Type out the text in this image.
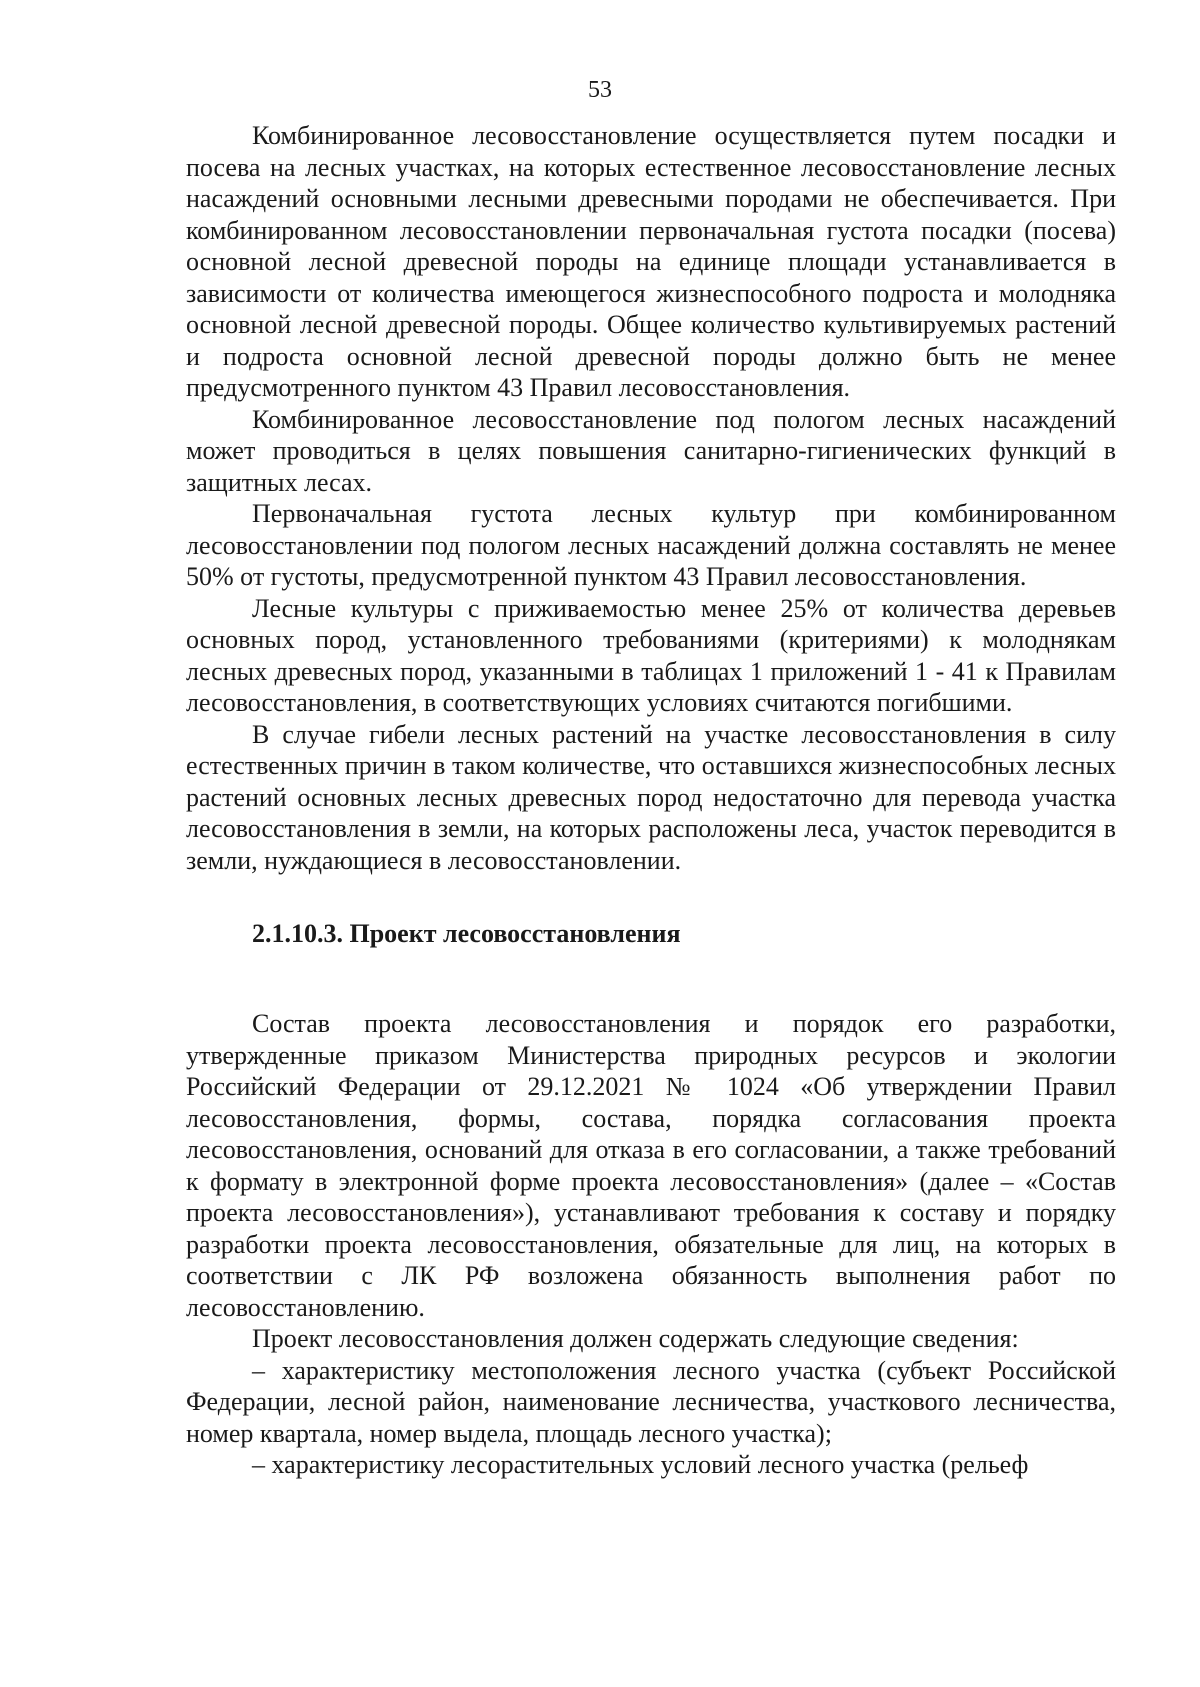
53

Комбинированное лесовосстановление осуществляется путем посадки и посева на лесных участках, на которых естественное лесовосстановление лесных насаждений основными лесными древесными породами не обеспечивается. При комбинированном лесовосстановлении первоначальная густота посадки (посева) основной лесной древесной породы на единице площади устанавливается в зависимости от количества имеющегося жизнеспособного подроста и молодняка основной лесной древесной породы. Общее количество культивируемых растений и подроста основной лесной древесной породы должно быть не менее предусмотренного пунктом 43 Правил лесовосстановления.

Комбинированное лесовосстановление под пологом лесных насаждений может проводиться в целях повышения санитарно-гигиенических функций в защитных лесах.

Первоначальная густота лесных культур при комбинированном лесовосстановлении под пологом лесных насаждений должна составлять не менее 50% от густоты, предусмотренной пунктом 43 Правил лесовосстановления.

Лесные культуры с приживаемостью менее 25% от количества деревьев основных пород, установленного требованиями (критериями) к молоднякам лесных древесных пород, указанными в таблицах 1 приложений 1 - 41 к Правилам лесовосстановления, в соответствующих условиях считаются погибшими.

В случае гибели лесных растений на участке лесовосстановления в силу естественных причин в таком количестве, что оставшихся жизнеспособных лесных растений основных лесных древесных пород недостаточно для перевода участка лесовосстановления в земли, на которых расположены леса, участок переводится в земли, нуждающиеся в лесовосстановлении.

2.1.10.3. Проект лесовосстановления

Состав проекта лесовосстановления и порядок его разработки, утвержденные приказом Министерства природных ресурсов и экологии Российский Федерации от 29.12.2021 № 1024 «Об утверждении Правил лесовосстановления, формы, состава, порядка согласования проекта лесовосстановления, оснований для отказа в его согласовании, а также требований к формату в электронной форме проекта лесовосстановления» (далее – «Состав проекта лесовосстановления»), устанавливают требования к составу и порядку разработки проекта лесовосстановления, обязательные для лиц, на которых в соответствии с ЛК РФ возложена обязанность выполнения работ по лесовосстановлению.

Проект лесовосстановления должен содержать следующие сведения:

– характеристику местоположения лесного участка (субъект Российской Федерации, лесной район, наименование лесничества, участкового лесничества, номер квартала, номер выдела, площадь лесного участка);

– характеристику лесорастительных условий лесного участка (рельеф
